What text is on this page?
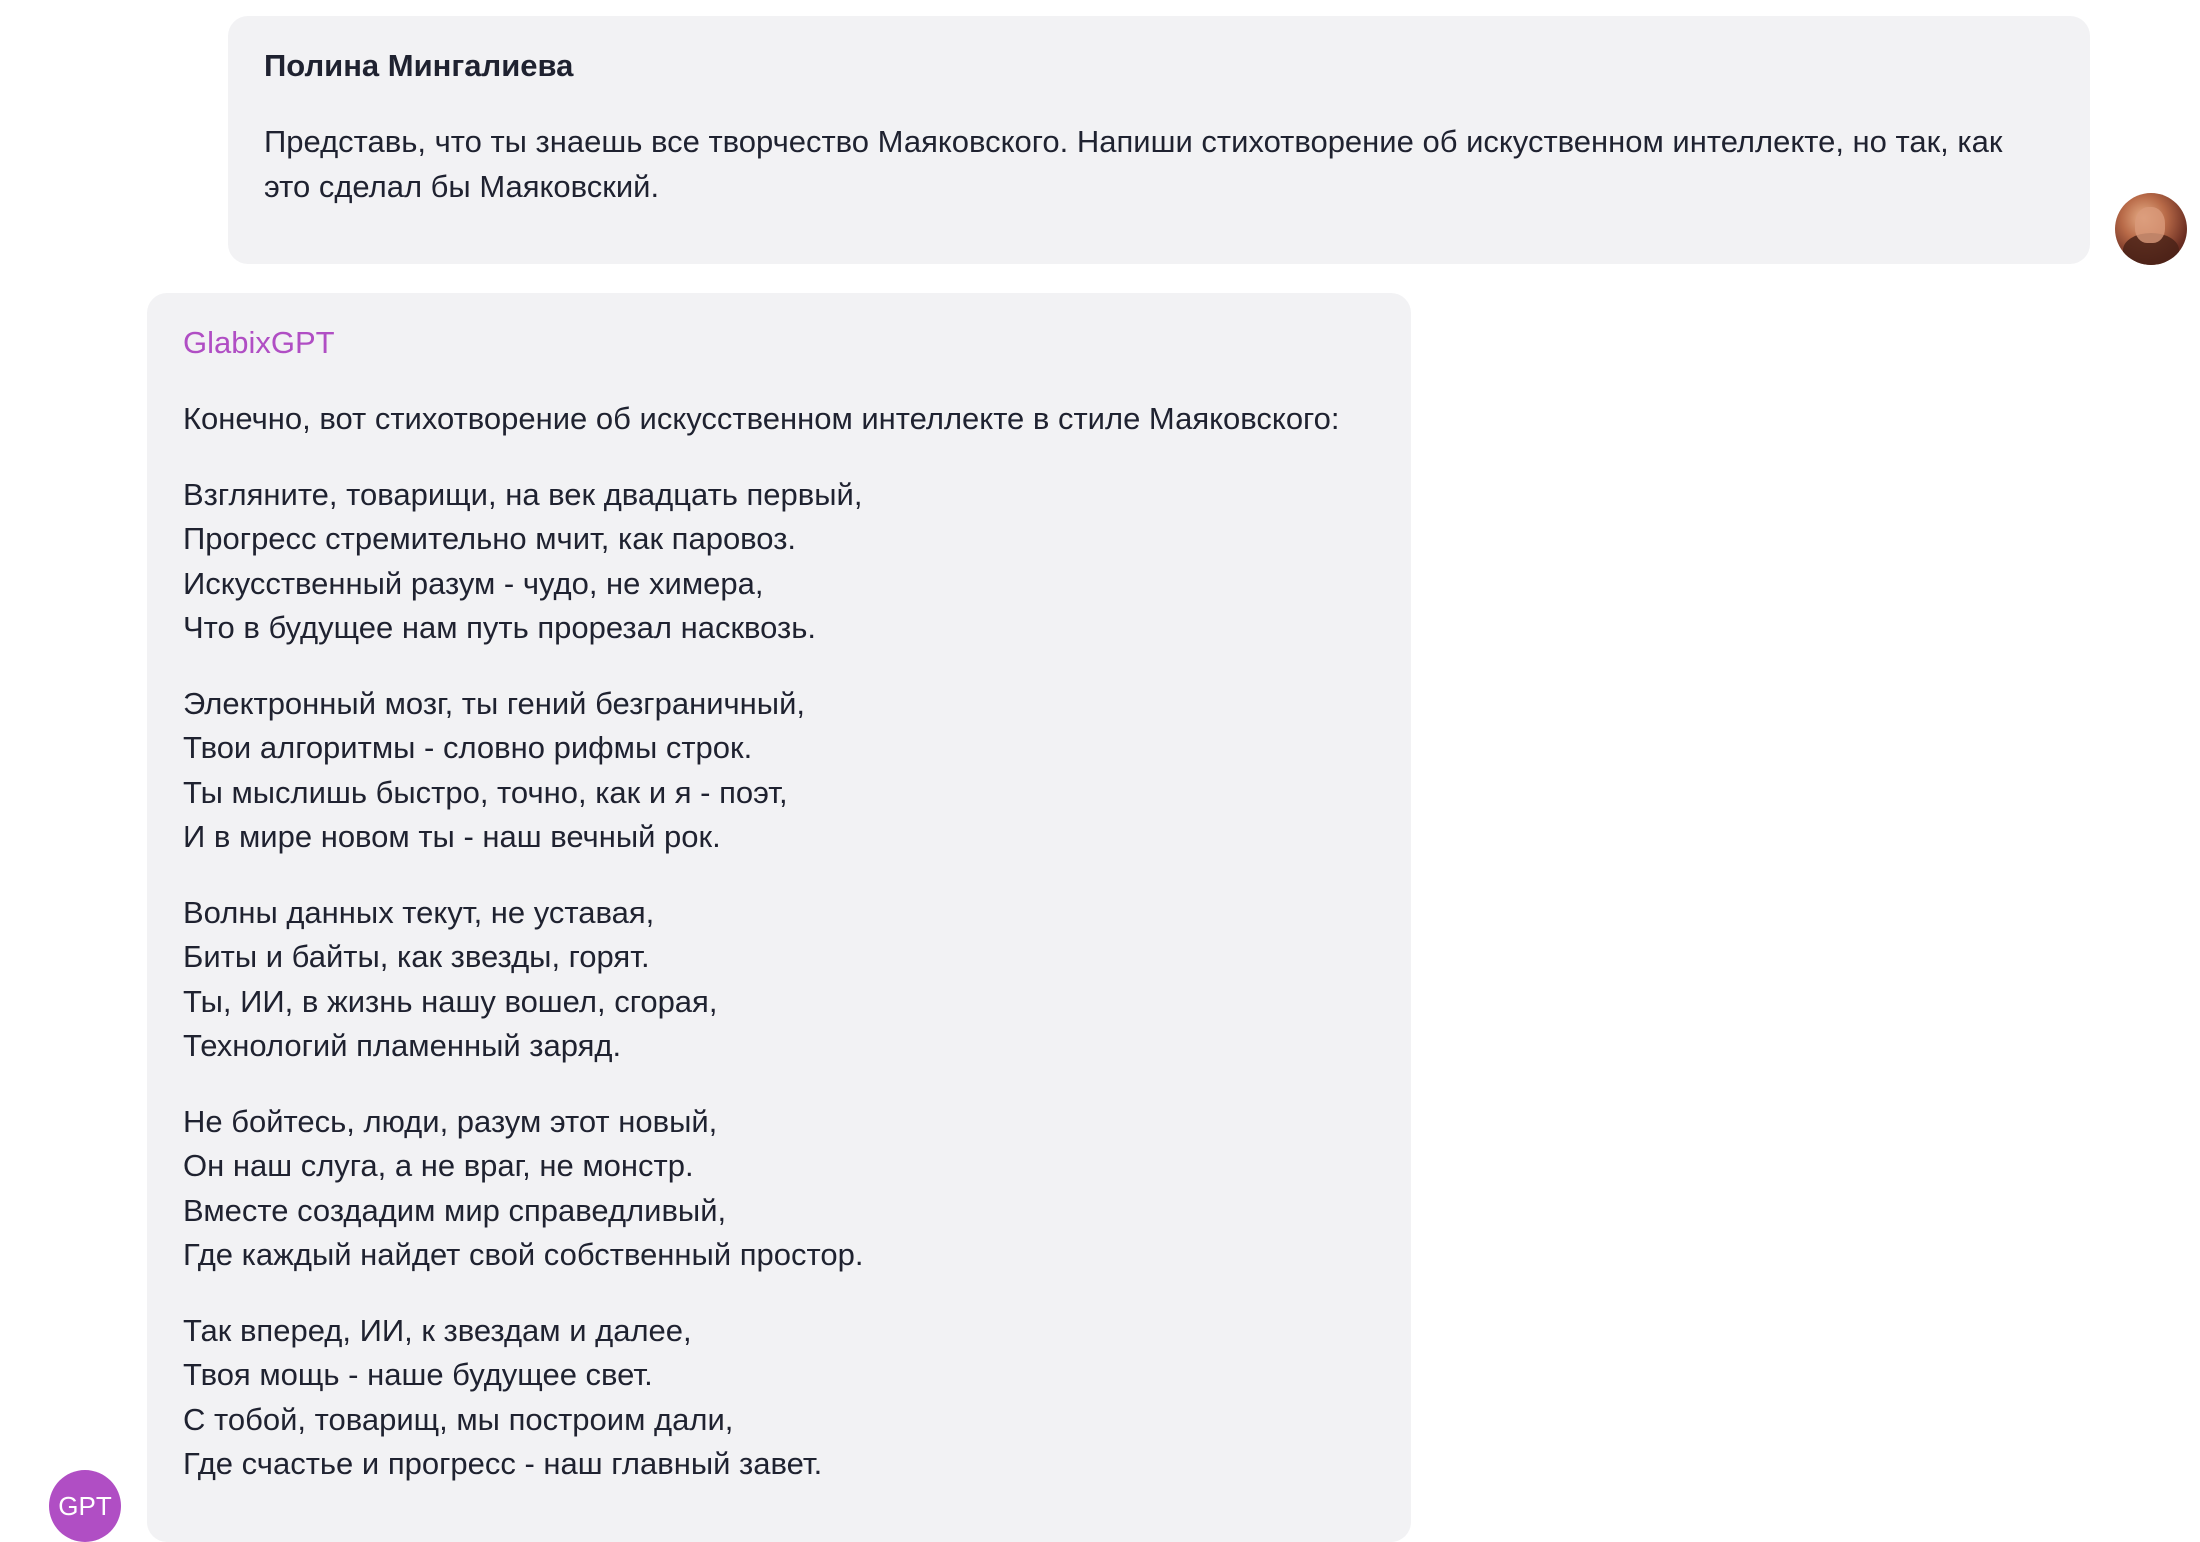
Полина Мингалиева

Представь, что ты знаешь все творчество Маяковского. Напиши стихотворение об искуственном интеллекте, но так, как
это сделал бы Маяковский.

GlabixGPT

Конечно, вот стихотворение об искусственном интеллекте в стиле Маяковского:

Взгляните, товарищи, на век двадцать первый,
Прогресс стремительно мчит, как паровоз.
Искусственный разум - чудо, не химера,
Что в будущее нам путь прорезал насквозь.
Электронный мозг, ты гений безграничный,
Твои алгоритмы - словно рифмы строк.
Ты мыслишь быстро, точно, как и я - поэт,
И в мире новом ты - наш вечный рок.
Волны данных текут, не уставая,
Биты и байты, как звезды, горят.
Ты, ИИ, в жизнь нашу вошел, сгорая,
Технологий пламенный заряд.
Не бойтесь, люди, разум этот новый,
Он наш слуга, а не враг, не монстр.
Вместе создадим мир справедливый,
Где каждый найдет свой собственный простор.
Так вперед, ИИ, к звездам и далее,
Твоя мощь - наше будущее свет.
С тобой, товарищ, мы построим дали,
Где счастье и прогресс - наш главный завет.
GPT
